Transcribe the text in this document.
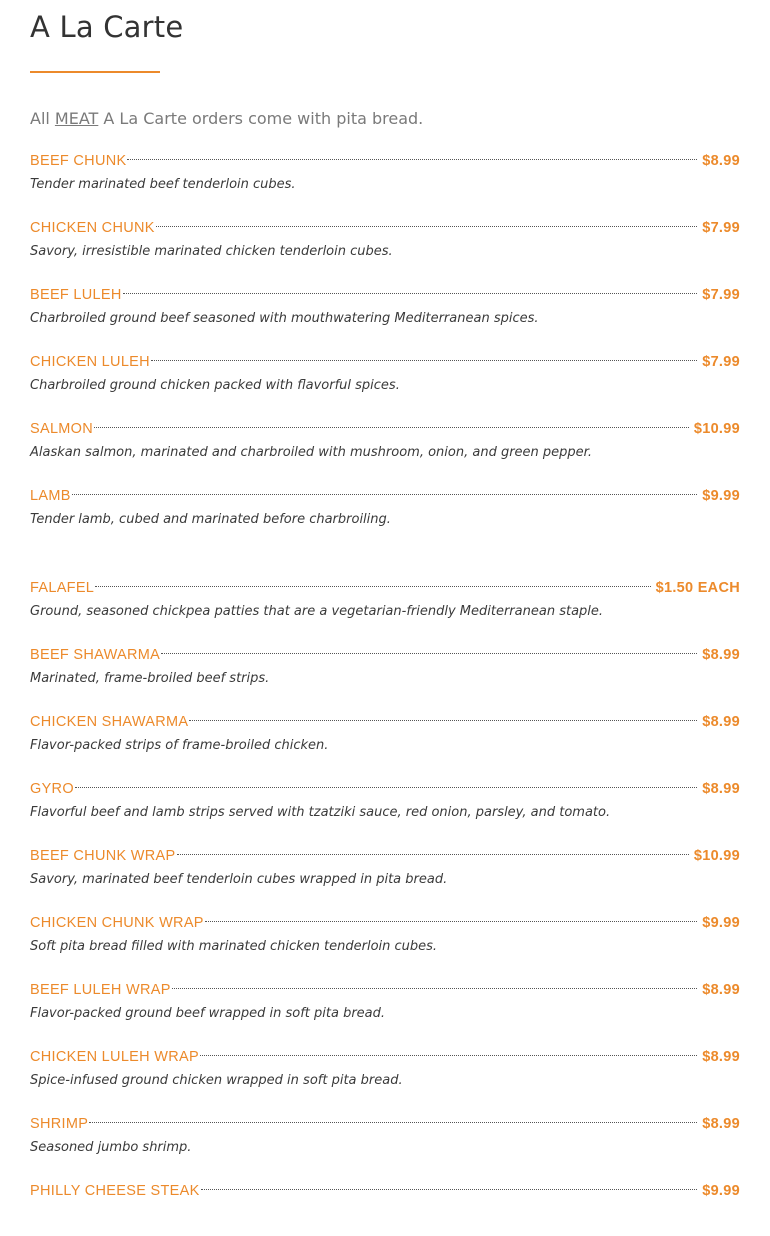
A La Carte
All MEAT A La Carte orders come with pita bread.
BEEF CHUNK	$8.99
Tender marinated beef tenderloin cubes.
CHICKEN CHUNK	$7.99
Savory, irresistible marinated chicken tenderloin cubes.
BEEF LULEH	$7.99
Charbroiled ground beef seasoned with mouthwatering Mediterranean spices.
CHICKEN LULEH	$7.99
Charbroiled ground chicken packed with flavorful spices.
SALMON	$10.99
Alaskan salmon, marinated and charbroiled with mushroom, onion, and green pepper.
LAMB	$9.99
Tender lamb, cubed and marinated before charbroiling.
FALAFEL	$1.50 EACH
Ground, seasoned chickpea patties that are a vegetarian-friendly Mediterranean staple.
BEEF SHAWARMA	$8.99
Marinated, frame-broiled beef strips.
CHICKEN SHAWARMA	$8.99
Flavor-packed strips of frame-broiled chicken.
GYRO	$8.99
Flavorful beef and lamb strips served with tzatziki sauce, red onion, parsley, and tomato.
BEEF CHUNK WRAP	$10.99
Savory, marinated beef tenderloin cubes wrapped in pita bread.
CHICKEN CHUNK WRAP	$9.99
Soft pita bread filled with marinated chicken tenderloin cubes.
BEEF LULEH WRAP	$8.99
Flavor-packed ground beef wrapped in soft pita bread.
CHICKEN LULEH WRAP	$8.99
Spice-infused ground chicken wrapped in soft pita bread.
SHRIMP	$8.99
Seasoned jumbo shrimp.
PHILLY CHEESE STEAK	$9.99
